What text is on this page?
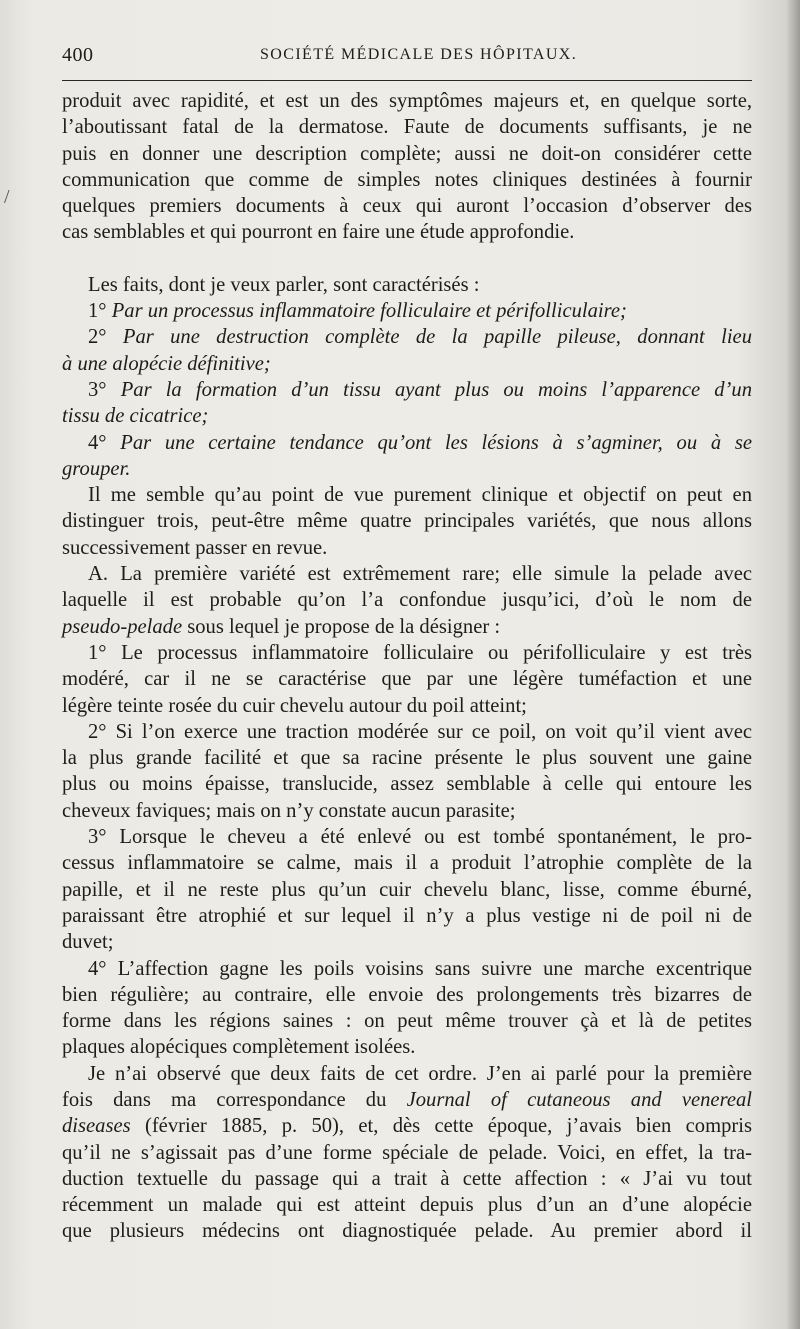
/
400	SOCIÉTÉ MÉDICALE DES HÔPITAUX.
produit avec rapidité, et est un des symptômes majeurs et, en quelque sorte,
l’aboutissant fatal de la dermatose. Faute de documents suffisants, je ne
puis en donner une description complète; aussi ne doit-on considérer cette
communication que comme de simples notes cliniques destinées à fournir
quelques premiers documents à ceux qui auront l’occasion d’observer des
cas semblables et qui pourront en faire une étude approfondie.
Les faits, dont je veux parler, sont caractérisés :
1° Par un processus inflammatoire folliculaire et périfolliculaire;
2° Par une destruction complète de la papille pileuse, donnant lieu
à une alopécie définitive;
3° Par la formation d’un tissu ayant plus ou moins l’apparence d’un
tissu de cicatrice;
4° Par une certaine tendance qu’ont les lésions à s’agminer, ou à se
grouper.
Il me semble qu’au point de vue purement clinique et objectif on peut en
distinguer trois, peut-être même quatre principales variétés, que nous allons
successivement passer en revue.
A. La première variété est extrêmement rare; elle simule la pelade avec
laquelle il est probable qu’on l’a confondue jusqu’ici, d’où le nom de
pseudo-pelade sous lequel je propose de la désigner :
1° Le processus inflammatoire folliculaire ou périfolliculaire y est très
modéré, car il ne se caractérise que par une légère tuméfaction et une
légère teinte rosée du cuir chevelu autour du poil atteint;
2° Si l’on exerce une traction modérée sur ce poil, on voit qu’il vient avec
la plus grande facilité et que sa racine présente le plus souvent une gaine
plus ou moins épaisse, translucide, assez semblable à celle qui entoure les
cheveux faviques; mais on n’y constate aucun parasite;
3° Lorsque le cheveu a été enlevé ou est tombé spontanément, le pro-
cessus inflammatoire se calme, mais il a produit l’atrophie complète de la
papille, et il ne reste plus qu’un cuir chevelu blanc, lisse, comme éburné,
paraissant être atrophié et sur lequel il n’y a plus vestige ni de poil ni de
duvet;
4° L’affection gagne les poils voisins sans suivre une marche excentrique
bien régulière; au contraire, elle envoie des prolongements très bizarres de
forme dans les régions saines : on peut même trouver çà et là de petites
plaques alopéciques complètement isolées.
Je n’ai observé que deux faits de cet ordre. J’en ai parlé pour la première
fois dans ma correspondance du Journal of cutaneous and venereal
diseases (février 1885, p. 50), et, dès cette époque, j’avais bien compris
qu’il ne s’agissait pas d’une forme spéciale de pelade. Voici, en effet, la tra-
duction textuelle du passage qui a trait à cette affection : « J’ai vu tout
récemment un malade qui est atteint depuis plus d’un an d’une alopécie
que plusieurs médecins ont diagnostiquée pelade. Au premier abord il
